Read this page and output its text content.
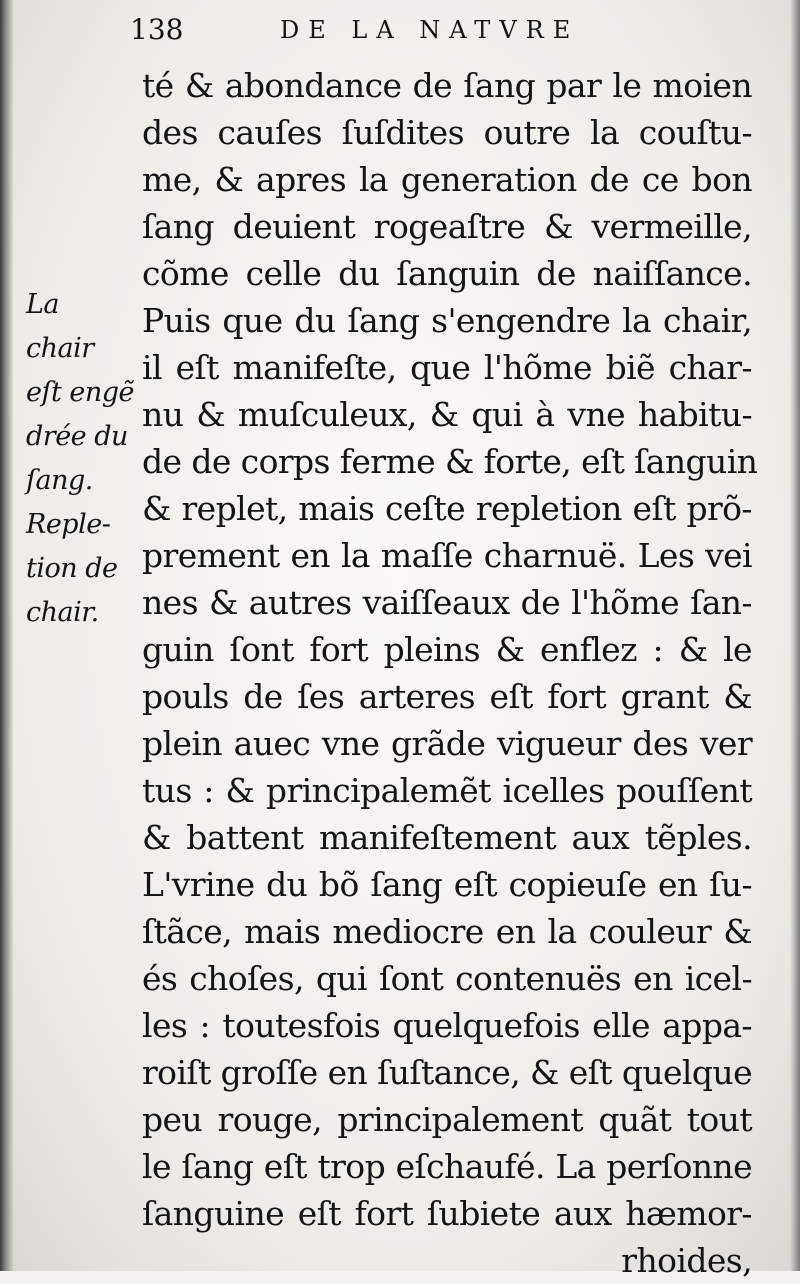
138	DE LA NATVRE
La
chair
eſt engẽ
drée du
ſang.
Reple-
tion de
chair.
té & abondance de ſang par le moien
des cauſes ſuſdites outre la couſtu-
me, & apres la generation de ce bon
ſang deuient rogeaſtre & vermeille,
cõme celle du ſanguin de naiſſance.
Puis que du ſang s'engendre la chair,
il eſt manifeſte, que l'hõme biẽ char-
nu & muſculeux, & qui à vne habitu-
de de corps ferme & forte, eſt ſanguin
& replet, mais ceſte repletion eſt prõ-
prement en la maſſe charnuë. Les vei
nes & autres vaiſſeaux de l'hõme ſan-
guin ſont fort pleins & enflez : & le
pouls de ſes arteres eſt fort grant &
plein auec vne grãde vigueur des ver
tus : & principalemẽt icelles pouſſent
& battent manifeſtement aux tẽples.
L'vrine du bõ ſang eſt copieuſe en ſu-
ſtãce, mais mediocre en la couleur &
és choſes, qui ſont contenuës en icel-
les : toutesfois quelquefois elle appa-
roiſt groſſe en ſuſtance, & eſt quelque
peu rouge, principalement quãt tout
le ſang eſt trop eſchaufé. La perſonne
ſanguine eſt fort ſubiete aux hæmor-
rhoides,
